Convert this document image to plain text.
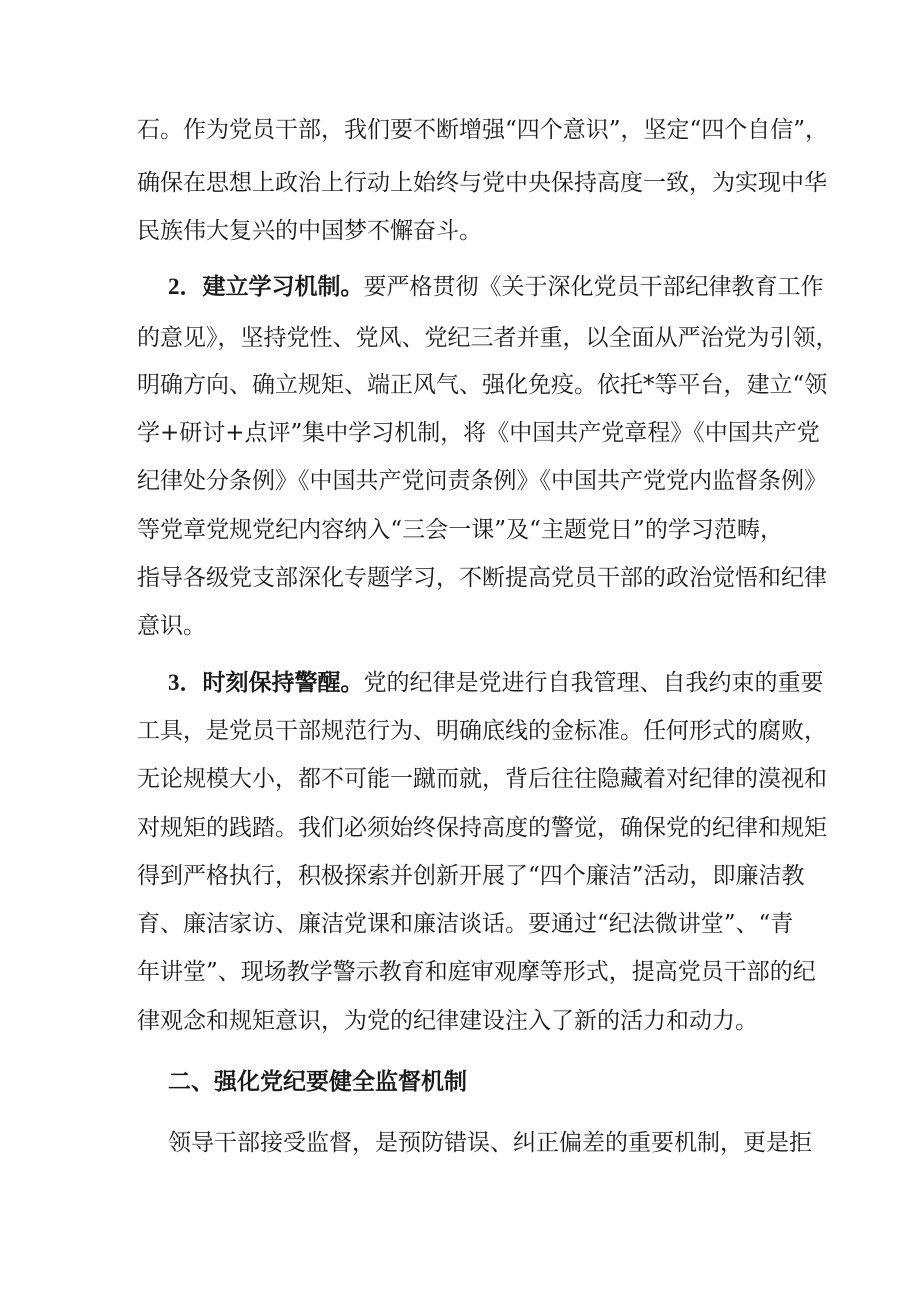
石。作为党员干部，我们要不断增强“四个意识”，坚定“四个自信”，
确保在思想上政治上行动上始终与党中央保持高度一致，为实现中华
民族伟大复兴的中国梦不懈奋斗。
2．建立学习机制。要严格贯彻《关于深化党员干部纪律教育工作
的意见》，坚持党性、党风、党纪三者并重，以全面从严治党为引领，
明确方向、确立规矩、端正风气、强化免疫。依托*等平台，建立“领
学+研讨+点评”集中学习机制，将《中国共产党章程》《中国共产党
纪律处分条例》《中国共产党问责条例》《中国共产党党内监督条例》
等党章党规党纪内容纳入“三会一课”及“主题党日”的学习范畴，
指导各级党支部深化专题学习，不断提高党员干部的政治觉悟和纪律
意识。
3．时刻保持警醒。党的纪律是党进行自我管理、自我约束的重要
工具，是党员干部规范行为、明确底线的金标准。任何形式的腐败，
无论规模大小，都不可能一蹴而就，背后往往隐藏着对纪律的漠视和
对规矩的践踏。我们必须始终保持高度的警觉，确保党的纪律和规矩
得到严格执行，积极探索并创新开展了“四个廉洁”活动，即廉洁教
育、廉洁家访、廉洁党课和廉洁谈话。要通过“纪法微讲堂”、“青
年讲堂”、现场教学警示教育和庭审观摩等形式，提高党员干部的纪
律观念和规矩意识，为党的纪律建设注入了新的活力和动力。
二、强化党纪要健全监督机制
领导干部接受监督，是预防错误、纠正偏差的重要机制，更是拒
